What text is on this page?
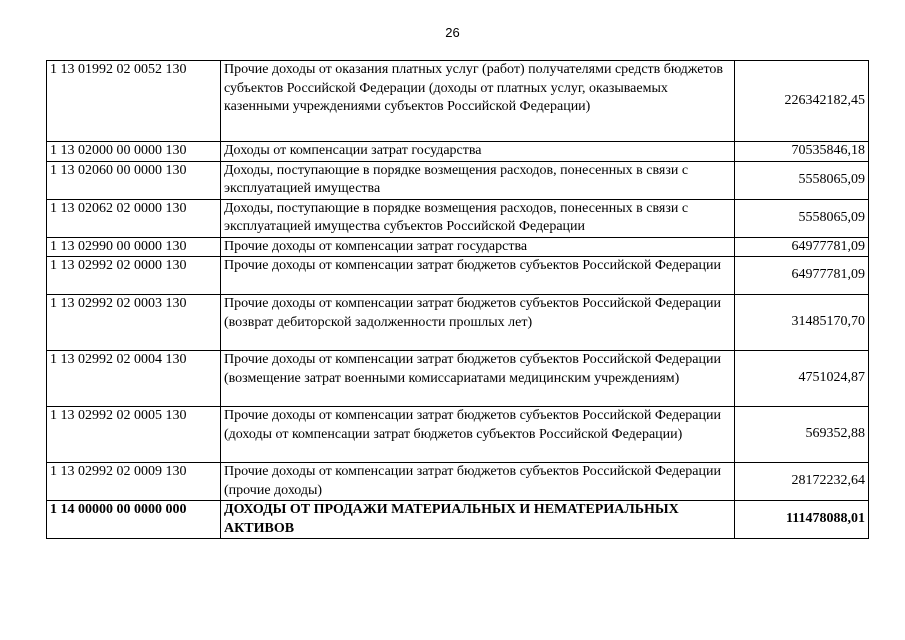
26
1 13 01992 02 0052 130	Прочие доходы от оказания платных услуг (работ) получателями средств бюджетов субъектов Российской Федерации (доходы от платных услуг, оказываемых казенными учреждениями субъектов Российской Федерации)	226342182,45
1 13 02000 00 0000 130	Доходы от компенсации затрат государства	70535846,18
1 13 02060 00 0000 130	Доходы, поступающие в порядке возмещения расходов, понесенных в связи с эксплуатацией имущества	5558065,09
1 13 02062 02 0000 130	Доходы, поступающие в порядке возмещения расходов, понесенных в связи с эксплуатацией имущества субъектов Российской Федерации	5558065,09
1 13 02990 00 0000 130	Прочие доходы от компенсации затрат государства	64977781,09
1 13 02992 02 0000 130	Прочие доходы от компенсации затрат бюджетов субъектов Российской Федерации	64977781,09
1 13 02992 02 0003 130	Прочие доходы от компенсации затрат бюджетов субъектов Российской Федерации (возврат дебиторской задолженности прошлых лет)	31485170,70
1 13 02992 02 0004 130	Прочие доходы от компенсации затрат бюджетов субъектов Российской Федерации (возмещение затрат военными комиссариатами медицинским учреждениям)	4751024,87
1 13 02992 02 0005 130	Прочие доходы от компенсации затрат бюджетов субъектов Российской Федерации (доходы от компенсации затрат бюджетов субъектов Российской Федерации)	569352,88
1 13 02992 02 0009 130	Прочие доходы от компенсации затрат бюджетов субъектов Российской Федерации (прочие доходы)	28172232,64
1 14 00000 00 0000 000	ДОХОДЫ ОТ ПРОДАЖИ МАТЕРИАЛЬНЫХ И НЕМАТЕРИАЛЬНЫХ АКТИВОВ	111478088,01
